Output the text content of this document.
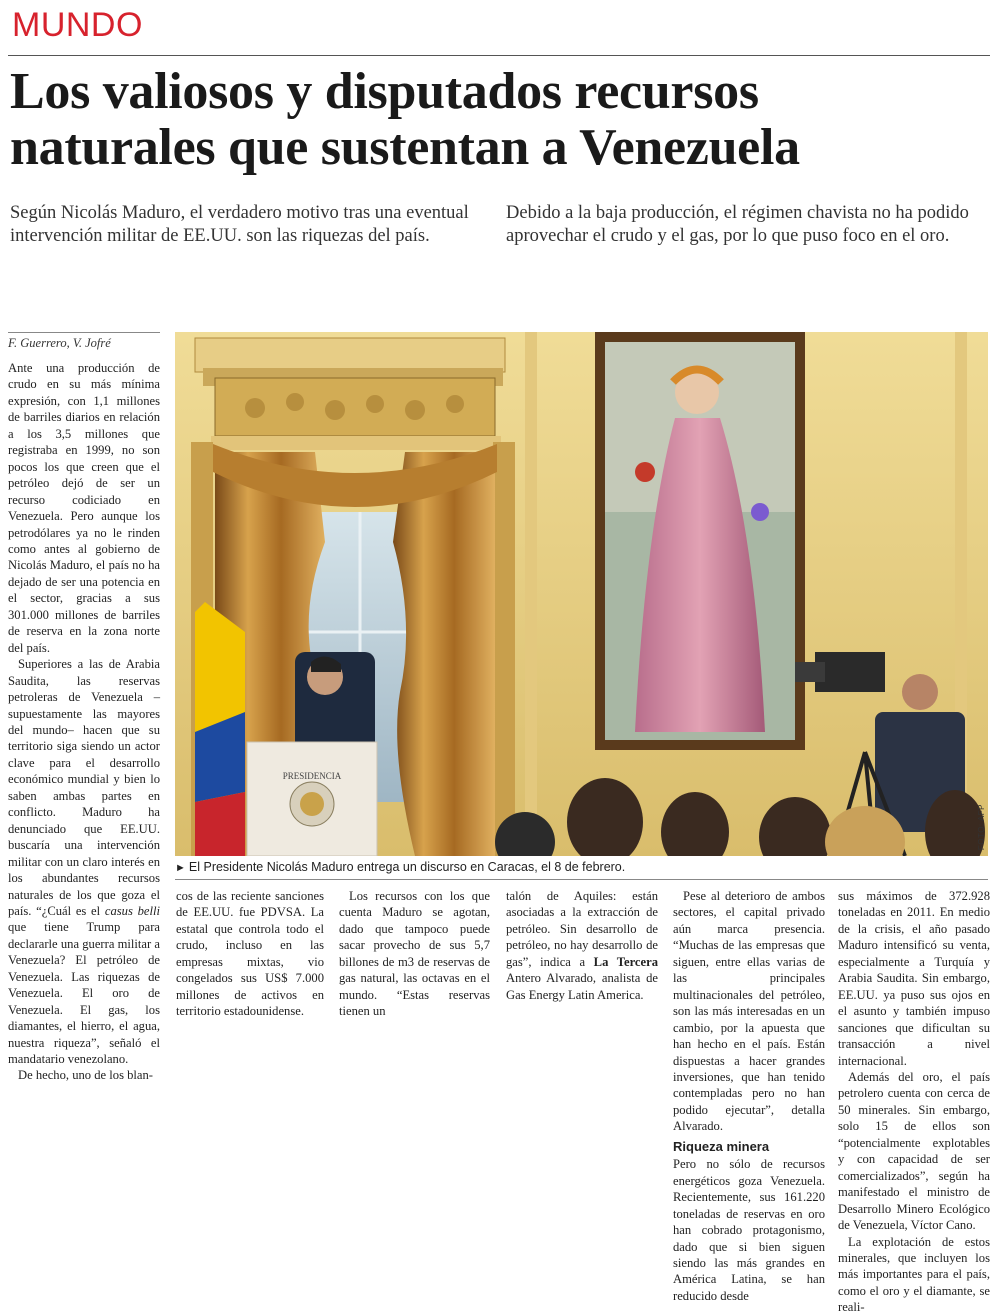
MUNDO
Los valiosos y disputados recursos naturales que sustentan a Venezuela

Según Nicolás Maduro, el verdadero motivo tras una eventual intervención militar de EE.UU. son las riquezas del país.

Debido a la baja producción, el régimen chavista no ha podido aprovechar el crudo y el gas, por lo que puso foco en el oro.

F. Guerrero, V. Jofré

Ante una producción de crudo en su más mínima expresión, con 1,1 millones de barriles diarios en relación a los 3,5 millones que registraba en 1999, no son pocos los que creen que el petróleo dejó de ser un recurso codiciado en Venezuela. Pero aunque los petrodólares ya no le rinden como antes al gobierno de Nicolás Maduro, el país no ha dejado de ser una potencia en el sector, gracias a sus 301.000 millones de barriles de reserva en la zona norte del país.

Superiores a las de Arabia Saudita, las reservas petroleras de Venezuela –supuestamente las mayores del mundo– hacen que su territorio siga siendo un actor clave para el desarrollo económico mundial y bien lo saben ambas partes en conflicto. Maduro ha denunciado que EE.UU. buscaría una intervención militar con un claro interés en los abundantes recursos naturales de los que goza el país. “¿Cuál es el casus belli que tiene Trump para declararle una guerra militar a Venezuela? El petróleo de Venezuela. Las riquezas de Venezuela. El oro de Venezuela. El gas, los diamantes, el hierro, el agua, nuestra riqueza”, señaló el mandatario venezolano.

De hecho, uno de los blan-

PRESIDENCIA
FOTO: AFP
► El Presidente Nicolás Maduro entrega un discurso en Caracas, el 8 de febrero.

cos de las reciente sanciones de EE.UU. fue PDVSA. La estatal que controla todo el crudo, incluso en las empresas mixtas, vio congelados sus US$ 7.000 millones de activos en territorio estadounidense.

Los recursos con los que cuenta Maduro se agotan, dado que tampoco puede sacar provecho de sus 5,7 billones de m3 de reservas de gas natural, las octavas en el mundo. “Estas reservas tienen un

talón de Aquiles: están asociadas a la extracción de petróleo. Sin desarrollo de petróleo, no hay desarrollo de gas”, indica a La Tercera Antero Alvarado, analista de Gas Energy Latin America.

Pese al deterioro de ambos sectores, el capital privado aún marca presencia. “Muchas de las empresas que siguen, entre ellas varias de las principales multinacionales del petróleo, son las más interesadas en un cambio, por la apuesta que han hecho en el país. Están dispuestas a hacer grandes inversiones, que han tenido contempladas pero no han podido ejecutar”, detalla Alvarado.

Riqueza minera

Pero no sólo de recursos energéticos goza Venezuela. Recientemente, sus 161.220 toneladas de reservas en oro han cobrado protagonismo, dado que si bien siguen siendo las más grandes en América Latina, se han reducido desde

sus máximos de 372.928 toneladas en 2011. En medio de la crisis, el año pasado Maduro intensificó su venta, especialmente a Turquía y Arabia Saudita. Sin embargo, EE.UU. ya puso sus ojos en el asunto y también impuso sanciones que dificultan su transacción a nivel internacional.

Además del oro, el país petrolero cuenta con cerca de 50 minerales. Sin embargo, solo 15 de ellos son “potencialmente explotables y con capacidad de ser comercializados”, según ha manifestado el ministro de Desarrollo Minero Ecológico de Venezuela, Víctor Cano.

La explotación de estos minerales, que incluyen los más importantes para el país, como el oro y el diamante, se reali-
